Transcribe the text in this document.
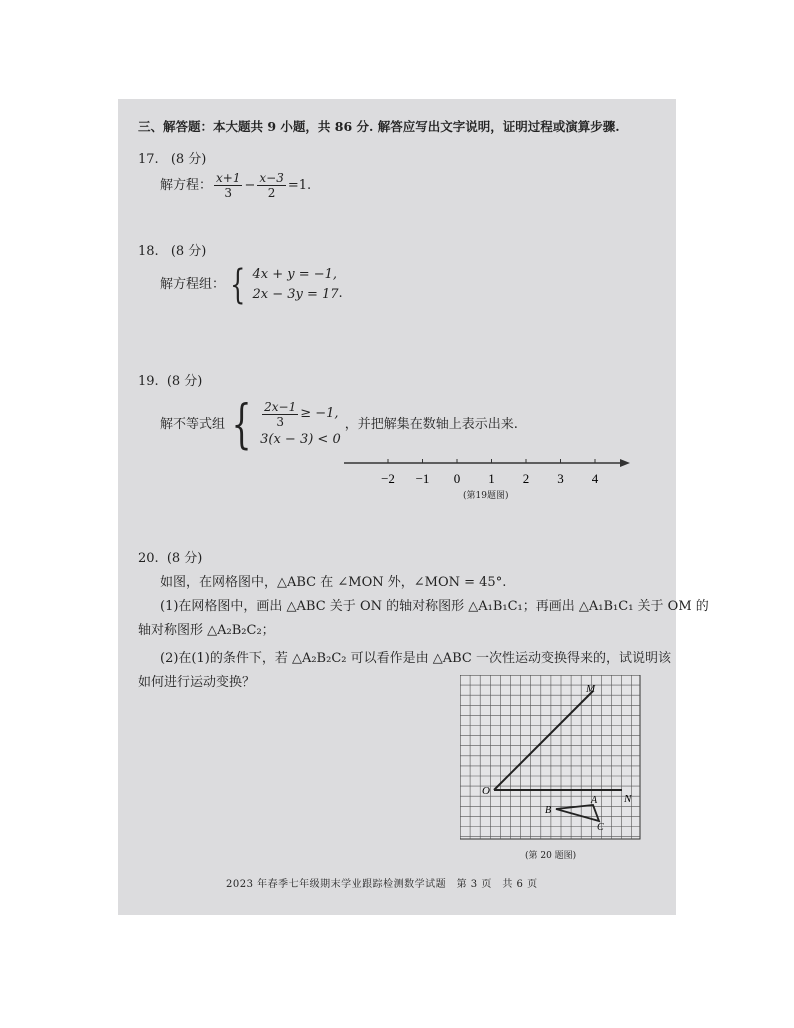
三、解答题：本大题共 9 小题，共 86 分. 解答应写出文字说明，证明过程或演算步骤.
17. (8 分)
解方程： $\frac{x+1}{3} - \frac{x-3}{2} =1$.
18. (8 分)
解方程组： { 4x + y = −1,
2x − 3y = 17 .
19. (8 分)
解不等式组 { $\frac{2x-1}{3} \ge -1$,
3(x − 3) < 0
，并把解集在数轴上表示出来.
−2 −1 0 1 2 3 4
(第19题图)
20. (8 分)
如图，在网格图中，△ABC 在 ∠MON 外，∠MON = 45°.
(1)在网格图中，画出 △ABC 关于 ON 的轴对称图形 △A₁B₁C₁；再画出 △A₁B₁C₁ 关于 OM 的
轴对称图形 △A₂B₂C₂；
(2)在(1)的条件下，若 △A₂B₂C₂ 可以看作是由 △ABC 一次性运动变换得来的，试说明该
如何进行运动变换？	M
O
N
A
B
C
(第 20 题图)
2023 年春季七年级期末学业跟踪检测数学试题　第 3 页　共 6 页
